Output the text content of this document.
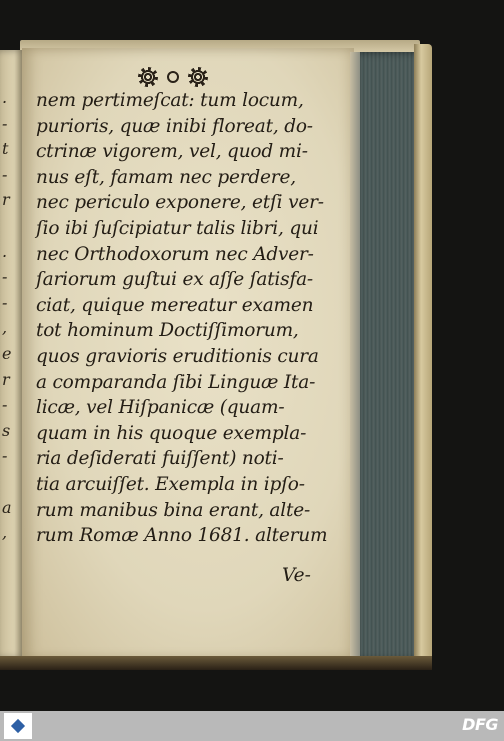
.
-
t
-
r
.
-
-
,
e
r
-
s
-
a
,
nem pertimeſcat: tum locum,
purioris, quæ inibi floreat, do-
ctrinæ vigorem, vel, quod mi-
nus eſt, famam nec perdere,
nec periculo exponere, etſi ver-
ſio ibi ſuſcipiatur talis libri, qui
nec Orthodoxorum nec Adver-
ſariorum guſtui ex aſſe ſatisfa-
ciat, quique mereatur examen
tot hominum Doctiſſimorum,
quos gravioris eruditionis cura
a comparanda ſibi Linguæ Ita-
licæ, vel Hiſpanicæ (quam-
quam in his quoque exempla-
ria deſiderati fuiſſent) noti-
tia arcuiſſet. Exempla in ipſo-
rum manibus bina erant, alte-
rum Romæ Anno 1681. alterum
Ve-
DFG
